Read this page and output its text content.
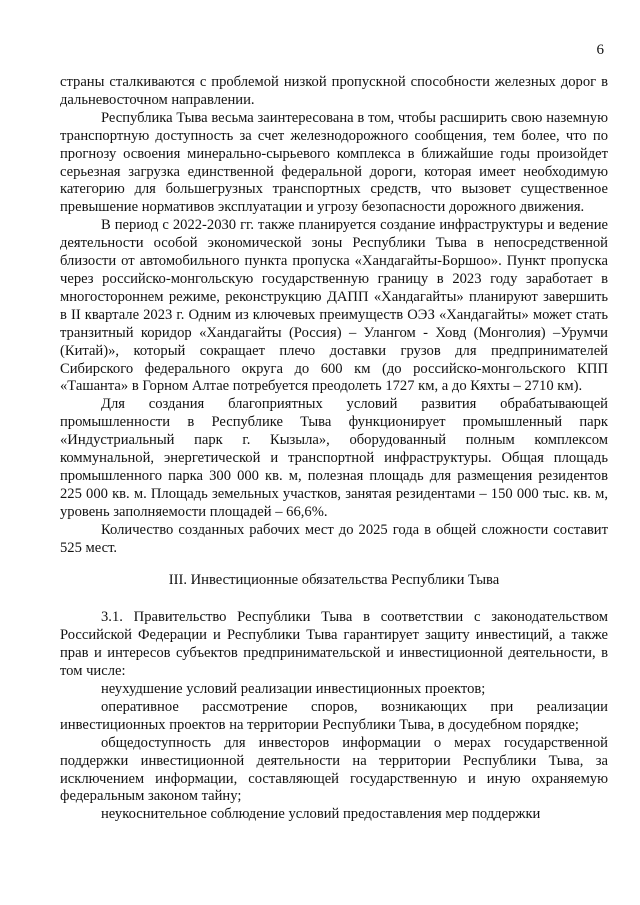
6

страны сталкиваются с проблемой низкой пропускной способности железных дорог в дальневосточном направлении.

Республика Тыва весьма заинтересована в том, чтобы расширить свою наземную транспортную доступность за счет железнодорожного сообщения, тем более, что по прогнозу освоения минерально-сырьевого комплекса в ближайшие годы произойдет серьезная загрузка единственной федеральной дороги, которая имеет необходимую категорию для большегрузных транспортных средств, что вызовет существенное превышение нормативов эксплуатации и угрозу безопасности дорожного движения.

В период с 2022-2030 гг. также планируется создание инфраструктуры и ведение деятельности особой экономической зоны Республики Тыва в непосредственной близости от автомобильного пункта пропуска «Хандагайты-Боршоо». Пункт пропуска через российско-монгольскую государственную границу в 2023 году заработает в многостороннем режиме, реконструкцию ДАПП «Хандагайты» планируют завершить в II квартале 2023 г. Одним из ключевых преимуществ ОЭЗ «Хандагайты» может стать транзитный коридор «Хандагайты (Россия) – Улангом - Ховд (Монголия) –Урумчи (Китай)», который сокращает плечо доставки грузов для предпринимателей Сибирского федерального округа до 600 км (до российско-монгольского КПП «Ташанта» в Горном Алтае потребуется преодолеть 1727 км, а до Кяхты – 2710 км).

Для создания благоприятных условий развития обрабатывающей промышленности в Республике Тыва функционирует промышленный парк «Индустриальный парк г. Кызыла», оборудованный полным комплексом коммунальной, энергетической и транспортной инфраструктуры. Общая площадь промышленного парка 300 000 кв. м, полезная площадь для размещения резидентов 225 000 кв. м. Площадь земельных участков, занятая резидентами – 150 000 тыс. кв. м, уровень заполняемости площадей – 66,6%.

Количество созданных рабочих мест до 2025 года в общей сложности составит 525 мест.

III. Инвестиционные обязательства Республики Тыва

3.1. Правительство Республики Тыва в соответствии с законодательством Российской Федерации и Республики Тыва гарантирует защиту инвестиций, а также прав и интересов субъектов предпринимательской и инвестиционной деятельности, в том числе:

неухудшение условий реализации инвестиционных проектов;

оперативное рассмотрение споров, возникающих при реализации инвестиционных проектов на территории Республики Тыва, в досудебном порядке;

общедоступность для инвесторов информации о мерах государственной поддержки инвестиционной деятельности на территории Республики Тыва, за исключением информации, составляющей государственную и иную охраняемую федеральным законом тайну;

неукоснительное соблюдение условий предоставления мер поддержки
